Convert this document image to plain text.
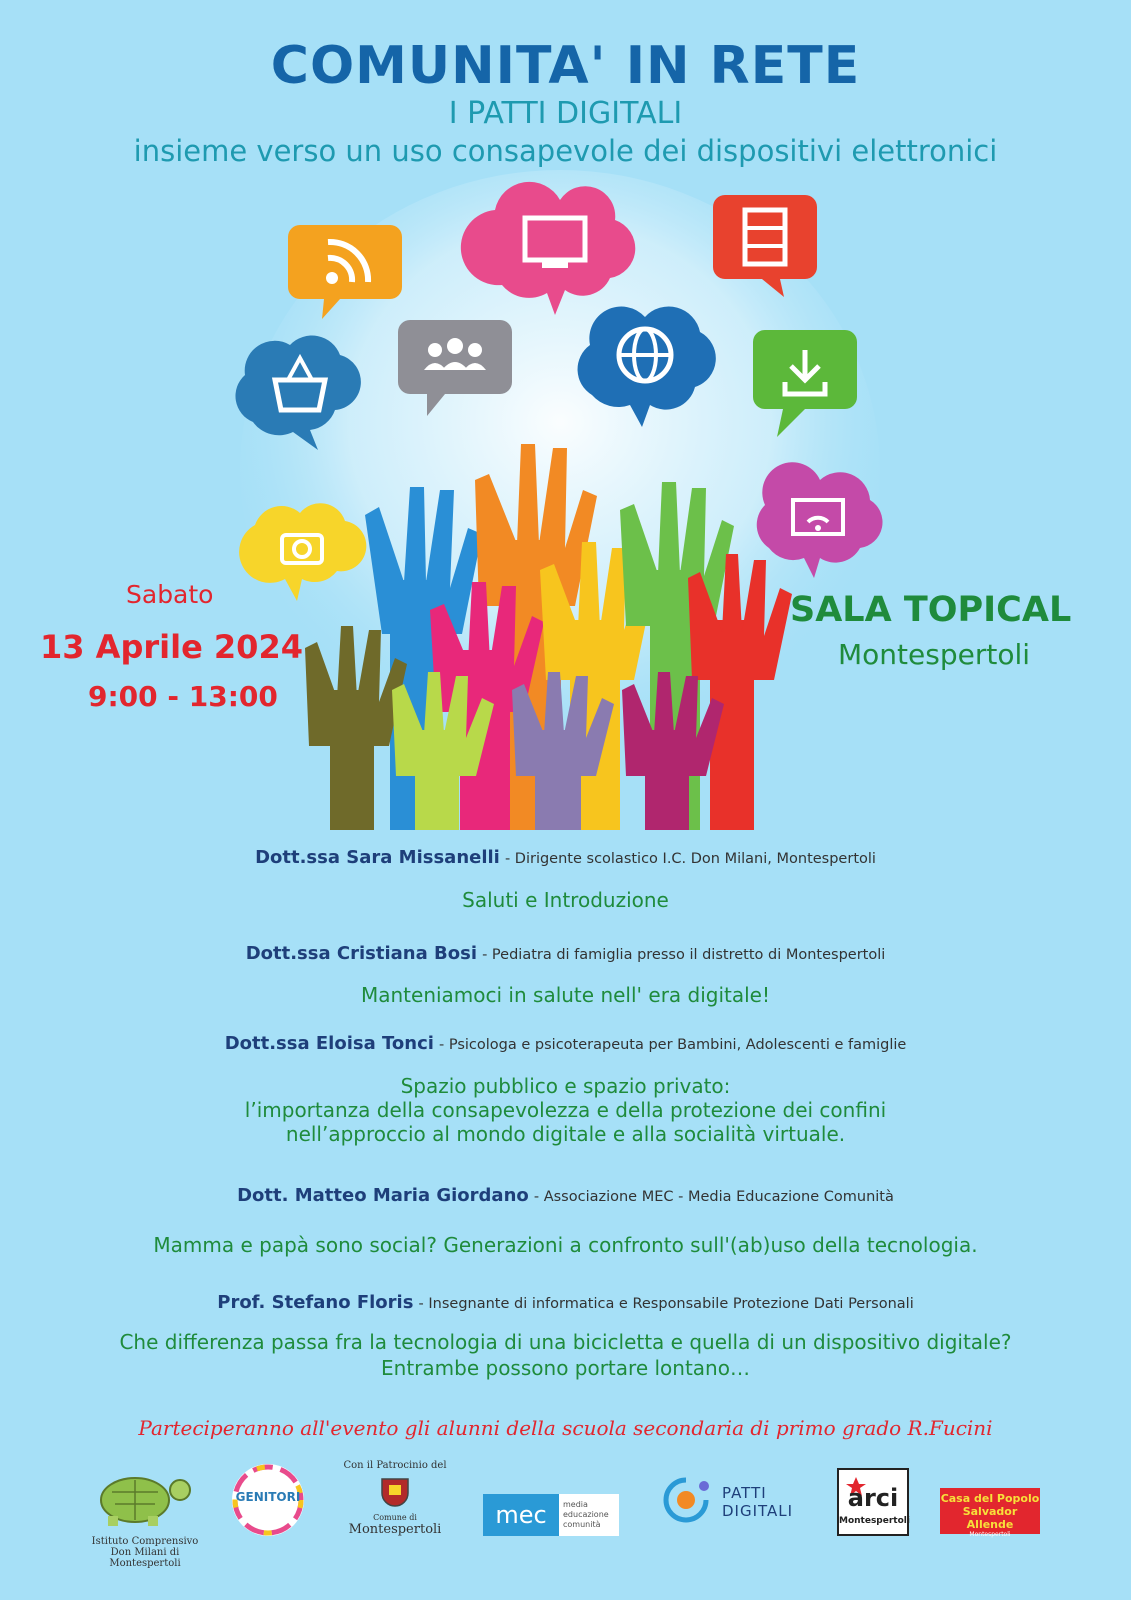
COMUNITA' IN RETE
I PATTI DIGITALI
insieme verso un uso consapevole dei dispositivi elettronici
Sabato
13 Aprile 2024
9:00 - 13:00
SALA TOPICAL
Montespertoli
Dott.ssa Sara Missanelli - Dirigente scolastico I.C. Don Milani, Montespertoli
Saluti e Introduzione
Dott.ssa Cristiana Bosi - Pediatra di famiglia presso il distretto di Montespertoli
Manteniamoci in salute nell' era digitale!
Dott.ssa Eloisa Tonci - Psicologa e psicoterapeuta per Bambini, Adolescenti e famiglie
Spazio pubblico e spazio privato:
l’importanza della consapevolezza e della protezione dei confini
nell’approccio al mondo digitale e alla socialità virtuale.
Dott. Matteo Maria Giordano - Associazione MEC - Media Educazione Comunità
Mamma e papà sono social? Generazioni a confronto sull'(ab)uso della tecnologia.
Prof. Stefano Floris - Insegnante di informatica e Responsabile Protezione Dati Personali
Che differenza passa fra la tecnologia di una bicicletta e quella di un dispositivo digitale?
Entrambe possono portare lontano…
Parteciperanno all'evento gli alunni della scuola secondaria di primo grado R.Fucini
Istituto Comprensivo Don Milani di Montespertoli
GENITORI
Con il Patrocinio del
Comune di
Montespertoli
mec	media educazione comunità
PATTI DIGITALI	arci
Montespertoli
Casa del Popolo
Salvador Allende
Montespertoli
